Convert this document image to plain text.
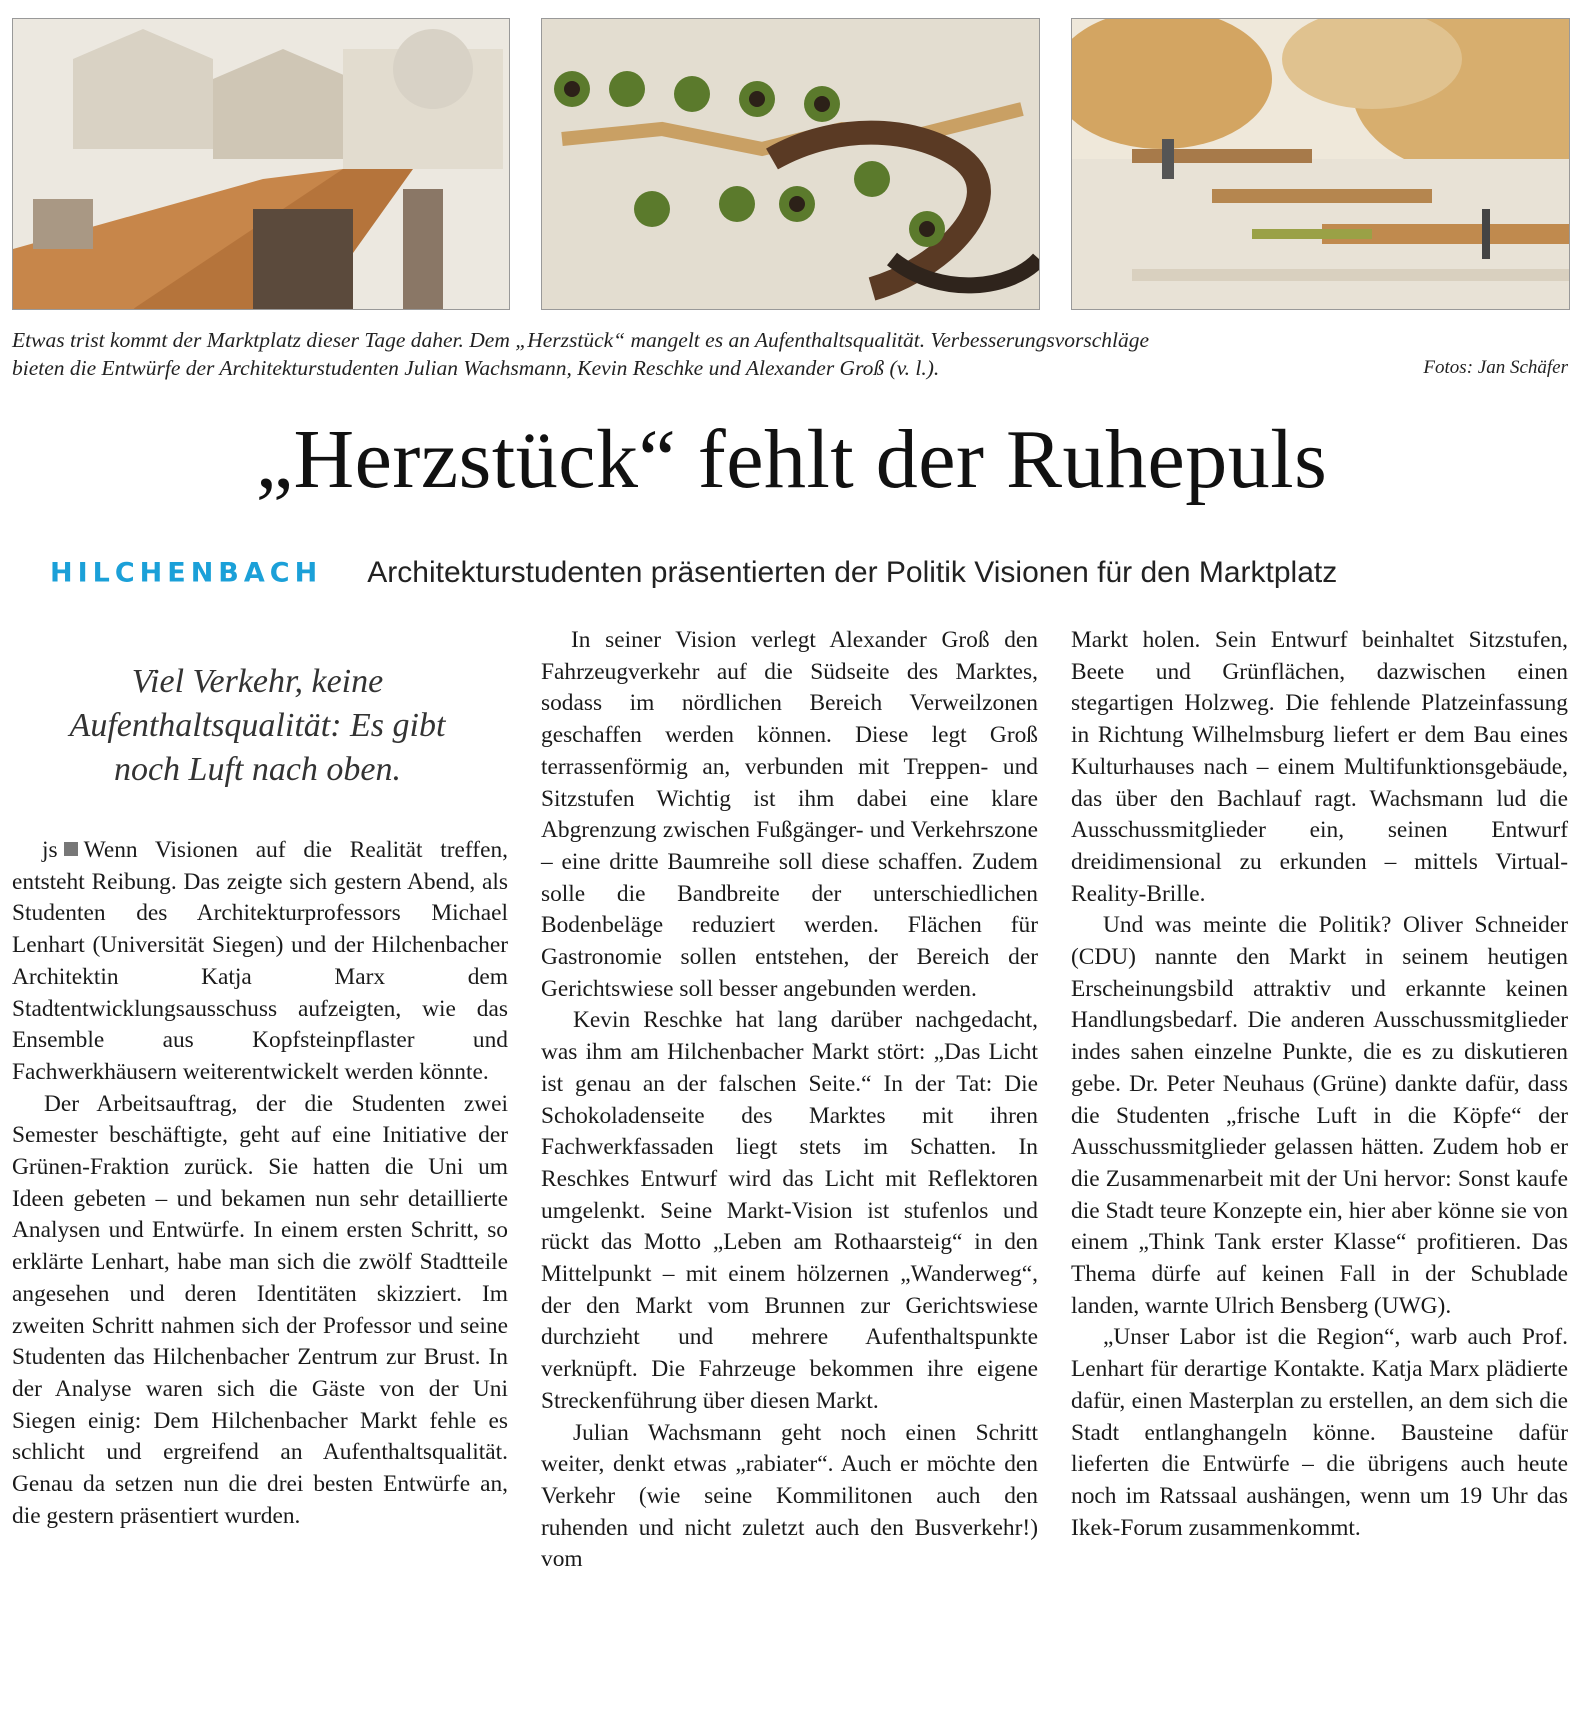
Etwas trist kommt der Marktplatz dieser Tage daher. Dem „Herzstück“ mangelt es an Aufenthaltsqualität. Verbesserungsvorschläge

bieten die Entwürfe der Architekturstudenten Julian Wachsmann, Kevin Reschke und Alexander Groß (v. l.).	Fotos: Jan Schäfer
„Herzstück“ fehlt der Ruhepuls
HILCHENBACH Architekturstudenten präsentierten der Politik Visionen für den Marktplatz
Viel Verkehr, keine Aufenthaltsqualität: Es gibt noch Luft nach oben.

js Wenn Visionen auf die Realität treffen, entsteht Reibung. Das zeigte sich gestern Abend, als Studenten des Architekturprofessors Michael Lenhart (Universität Siegen) und der Hilchenbacher Architektin Katja Marx dem Stadtentwicklungsausschuss aufzeigten, wie das Ensemble aus Kopfsteinpflaster und Fachwerkhäusern weiterentwickelt werden könnte.

Der Arbeitsauftrag, der die Studenten zwei Semester beschäftigte, geht auf eine Initiative der Grünen-Fraktion zurück. Sie hatten die Uni um Ideen gebeten – und bekamen nun sehr detaillierte Analysen und Entwürfe. In einem ersten Schritt, so erklärte Lenhart, habe man sich die zwölf Stadtteile angesehen und deren Identitäten skizziert. Im zweiten Schritt nahmen sich der Professor und seine Studenten das Hilchenbacher Zentrum zur Brust. In der Analyse waren sich die Gäste von der Uni Siegen einig: Dem Hilchenbacher Markt fehle es schlicht und ergreifend an Aufenthaltsqualität. Genau da setzen nun die drei besten Entwürfe an, die gestern präsentiert wurden.

In seiner Vision verlegt Alexander Groß den Fahrzeugverkehr auf die Südseite des Marktes, sodass im nördlichen Bereich Verweilzonen geschaffen werden können. Diese legt Groß terrassenförmig an, verbunden mit Treppen- und Sitzstufen Wichtig ist ihm dabei eine klare Abgrenzung zwischen Fußgänger- und Verkehrszone – eine dritte Baumreihe soll diese schaffen. Zudem solle die Bandbreite der unterschiedlichen Bodenbeläge reduziert werden. Flächen für Gastronomie sollen entstehen, der Bereich der Gerichtswiese soll besser angebunden werden.

Kevin Reschke hat lang darüber nachgedacht, was ihm am Hilchenbacher Markt stört: „Das Licht ist genau an der falschen Seite.“ In der Tat: Die Schokoladenseite des Marktes mit ihren Fachwerkfassaden liegt stets im Schatten. In Reschkes Entwurf wird das Licht mit Reflektoren umgelenkt. Seine Markt-Vision ist stufenlos und rückt das Motto „Leben am Rothaarsteig“ in den Mittelpunkt – mit einem hölzernen „Wanderweg“, der den Markt vom Brunnen zur Gerichtswiese durchzieht und mehrere Aufenthaltspunkte verknüpft. Die Fahrzeuge bekommen ihre eigene Streckenführung über diesen Markt.

Julian Wachsmann geht noch einen Schritt weiter, denkt etwas „rabiater“. Auch er möchte den Verkehr (wie seine Kommilitonen auch den ruhenden und nicht zuletzt auch den Busverkehr!) vom

Markt holen. Sein Entwurf beinhaltet Sitzstufen, Beete und Grünflächen, dazwischen einen stegartigen Holzweg. Die fehlende Platzeinfassung in Richtung Wilhelmsburg liefert er dem Bau eines Kulturhauses nach – einem Multifunktionsgebäude, das über den Bachlauf ragt. Wachsmann lud die Ausschussmitglieder ein, seinen Entwurf dreidimensional zu erkunden – mittels Virtual-Reality-Brille.

Und was meinte die Politik? Oliver Schneider (CDU) nannte den Markt in seinem heutigen Erscheinungsbild attraktiv und erkannte keinen Handlungsbedarf. Die anderen Ausschussmitglieder indes sahen einzelne Punkte, die es zu diskutieren gebe. Dr. Peter Neuhaus (Grüne) dankte dafür, dass die Studenten „frische Luft in die Köpfe“ der Ausschussmitglieder gelassen hätten. Zudem hob er die Zusammenarbeit mit der Uni hervor: Sonst kaufe die Stadt teure Konzepte ein, hier aber könne sie von einem „Think Tank erster Klasse“ profitieren. Das Thema dürfe auf keinen Fall in der Schublade landen, warnte Ulrich Bensberg (UWG).

„Unser Labor ist die Region“, warb auch Prof. Lenhart für derartige Kontakte. Katja Marx plädierte dafür, einen Masterplan zu erstellen, an dem sich die Stadt entlanghangeln könne. Bausteine dafür lieferten die Entwürfe – die übrigens auch heute noch im Ratssaal aushängen, wenn um 19 Uhr das Ikek-Forum zusammenkommt.
